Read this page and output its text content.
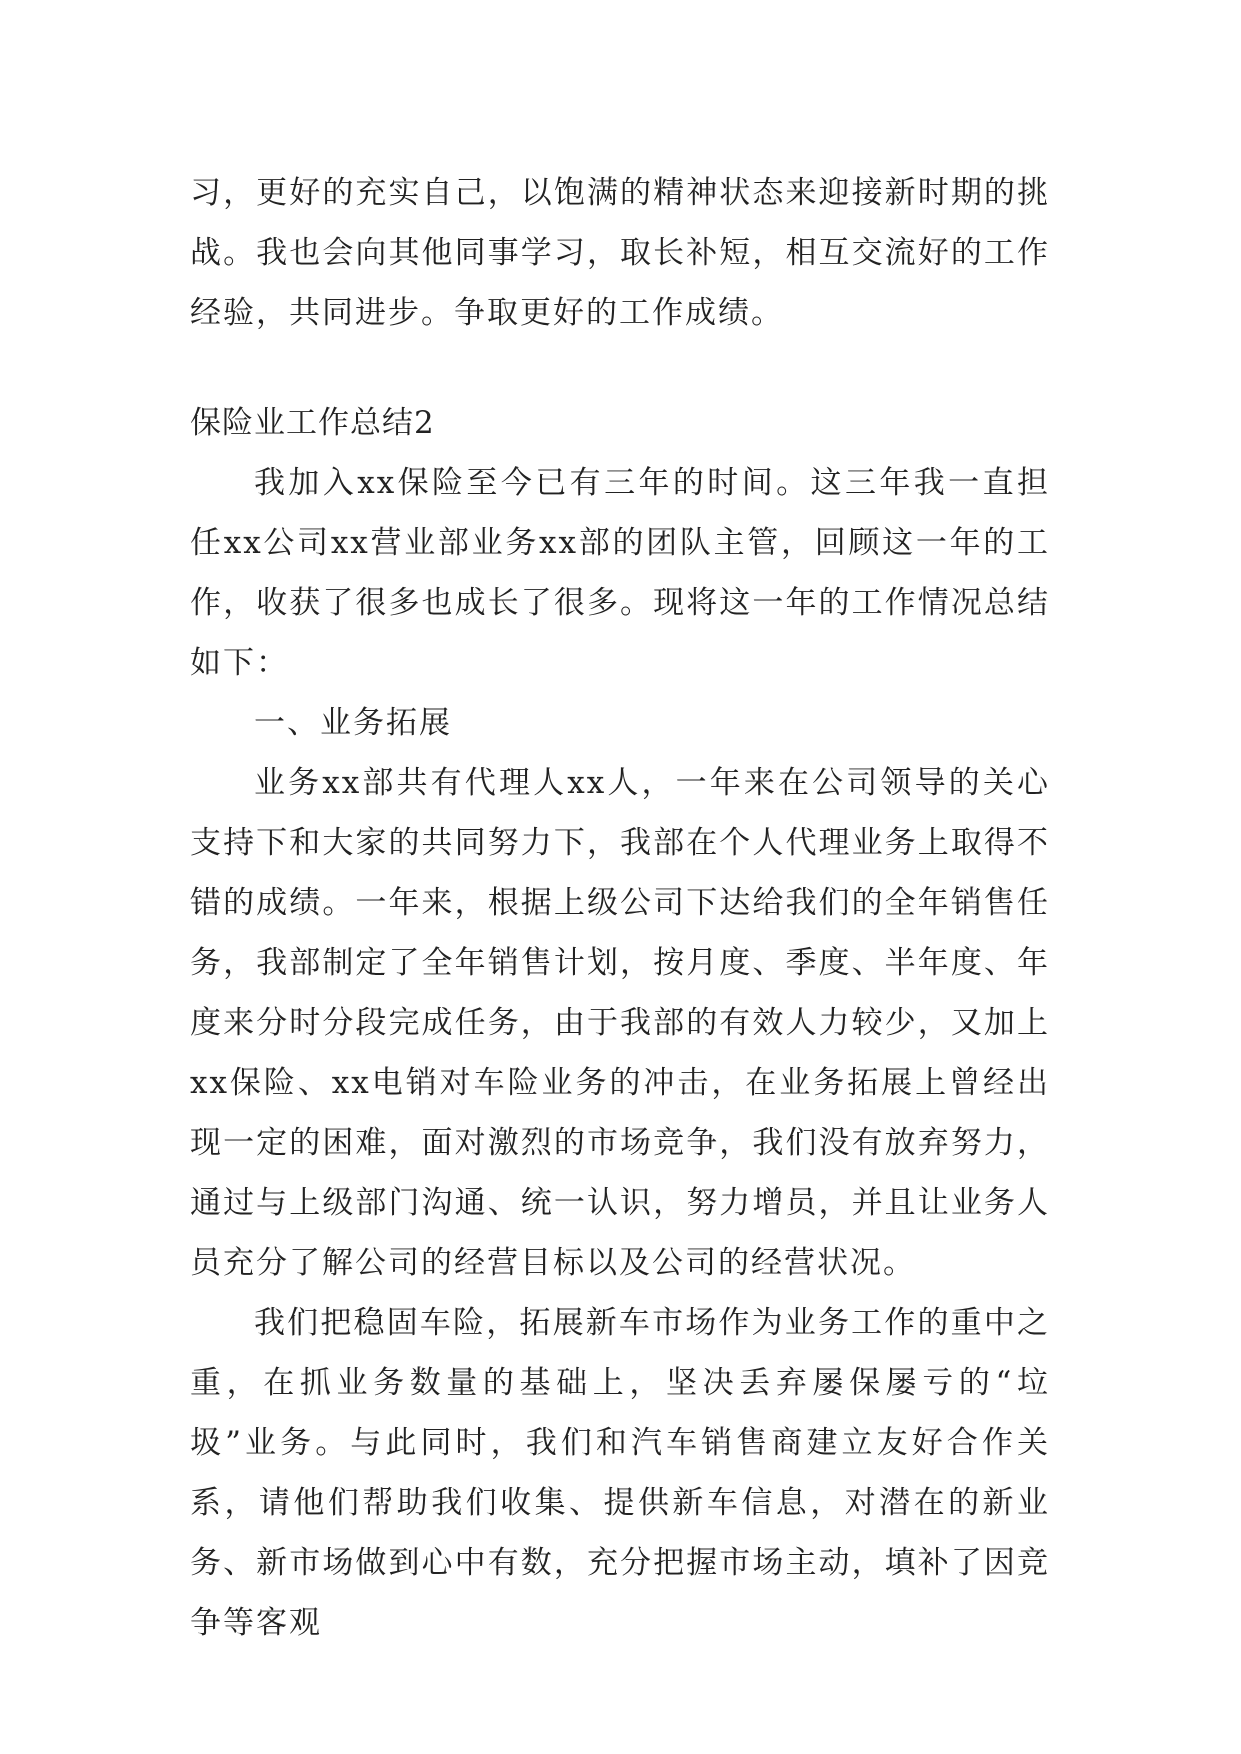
习，更好的充实自己，以饱满的精神状态来迎接新时期的挑战。我也会向其他同事学习，取长补短，相互交流好的工作经验，共同进步。争取更好的工作成绩。

保险业工作总结2

我加入xx保险至今已有三年的时间。这三年我一直担任xx公司xx营业部业务xx部的团队主管，回顾这一年的工作，收获了很多也成长了很多。现将这一年的工作情况总结如下：

一、业务拓展

业务xx部共有代理人xx人，一年来在公司领导的关心支持下和大家的共同努力下，我部在个人代理业务上取得不错的成绩。一年来，根据上级公司下达给我们的全年销售任务，我部制定了全年销售计划，按月度、季度、半年度、年度来分时分段完成任务，由于我部的有效人力较少，又加上xx保险、xx电销对车险业务的冲击，在业务拓展上曾经出现一定的困难，面对激烈的市场竞争，我们没有放弃努力，通过与上级部门沟通、统一认识，努力增员，并且让业务人员充分了解公司的经营目标以及公司的经营状况。

我们把稳固车险，拓展新车市场作为业务工作的重中之重，在抓业务数量的基础上，坚决丢弃屡保屡亏的“垃圾”业务。与此同时，我们和汽车销售商建立友好合作关系，请他们帮助我们收集、提供新车信息，对潜在的新业务、新市场做到心中有数，充分把握市场主动，填补了因竞争等客观
